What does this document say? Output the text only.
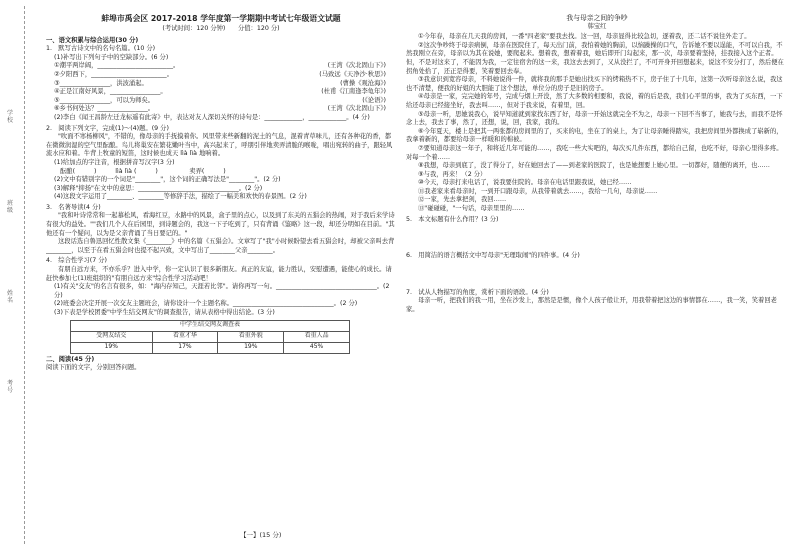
学校
班级
姓名
考号

蚌埠市禹会区 2017-2018 学年度第一学期期中考试七年级语文试题

(考试时间：120 分钟)　　分值：120 分)

一、语文积累与综合运用(30 分)

1.　默写古诗文中的名句名篇。(10 分)

(1)补写出下列句子中的空缺部分。(6 分)

①潮平两岸阔，________________________。	(王湾《次北固山下》)
②夕阳西下，________________________。	(马致远《天净沙·秋思》)
③________________，洪波涌起。	(曹操《观沧海》)
④正是江南好风景，________________。	(杜甫《江南逢李龟年》)
⑤________________，可以为师矣。	(《论语》)
⑥乡书何处达？________________。	(王湾《次北固山下》)

(2)李白《闻王昌龄左迁龙标遥有此寄》中，表达对友人深切关怀的诗句是：____________，____________。(4 分)

2.　阅读下列文字，完成(1)～(4)题。(9 分)

"吹面不寒杨柳风"，不错的，像母亲的手抚摸着你。风里带来些新翻的泥土的气息，混着青草味儿，还有各种花的香，都在微微润湿的空气里酝酿。鸟儿将巢安在繁花嫩叶当中，高兴起来了，呼朋引伴地卖弄清脆的喉咙，唱出宛转的曲子，跟轻风流水应和着。牛背上牧童的短笛，这时候也成天 lìà lìà 地响着。

(1)给加点的字注音，根据拼音写汉字(3 分)

酝酿(　　　)　　　lìà lìà (　　　)　　　　　卖弄(　　　)

(2)文中有错别字的一个词是"________"，这个词的正确写法是"________"。(2 分)

(3)解释"抑扬"在文中的意思：________________________________。(2 分)

(4)这段文字运用了________、________等修辞手法，描绘了一幅美和欢快的春景图。(2 分)

3.　名著导读(4 分)

"我和叶诗常常和一起慕松风，看海红豆，水路中的风景，盒子里的点心，以及到了东关的五猖会的热闹，对于我后来学诗有很大的益处。""我们几个人在后园里，到诗题会的，我这一下子吃到了，只有背诵《鉴略》这一段，却还分明如在目前。"其他还有一个疑问，以为是父亲背诵了当日要记的。"

这段话选自鲁迅回忆性散文集《________》中的名篇《五猖会》。文章写了"我"小时候盼望去看五猖会时，却被父亲叫去背________，以至于在看五猖会时也提不起兴致，文中写出了________父亲________。

4.　综合性学习(7 分)

有朋自远方来，不亦乐乎？进入中学，你一定认识了很多新朋友。真正的友谊，能力胜认，安慰遭遇，能使心的成长。请赶快参加七(1)班组织的"有朋自远方来"综合性学习活动吧！

(1)有关"交友"的名言有很多，如："海内存知己，天涯若比邻"。请你再写一句。________________________________。(2 分)

(2)班委会决定开展一次交友主题班会，请你设计一个主题名称。________________________________。(2 分)

(3)下表是学校团委"中学生结交网友"的调查报告，请从表格中得出结论。(3 分)

中学生结交网友调查表			
受网友结交	看重才华	看重外貌	看重人品
19%	17%	19%	45%

二、阅读(45 分)

阅读下面的文字，分别回答问题。

【一】(15 分)

我与母亲之间的争吵

韩宝红

①今年春，母亲在几天我的房间，一番"四老家"要我去找。这一回，母亲显得比较急切，逐着我，还二话不说往外走了。

②这次争吵终于母亲病倒，母亲在医院住了，每天出门前，我怕着她的胸前，以恼躁操的口气，告诉她不要以逞能，不可以自我，不然我刚立在旁，母亲以为其在说她，要爬起来。想着我，想着着我，她后即开门勾起来，那一次，母亲要着坚持，挂我接入这个正者。但，不是对这来了，不能因为我，一定往宿舍的这一来，我这去去到了，又从没拦了，不可开身开回想起来，说这不安分打了，然后便在拐角处拾了，还正是得要，笑着要回去奉。

③我意识到宽容母亲，不料她说得一件，就将我的那手是她出找买下的烤箱热不下，房子住了十几年，这第一次听母亲这么说，我这也不清楚，便我的好姐的大胆能了这个想法，单位分的房子是旧的房子。

④母亲是一家，完完她的年号，完成与烟上开没，然了大多数的相要和，我说，着的后是我，我们心平里的事，我为了买东西，一下给还母亲已经接坐好，我去叫……，但对于我来说，有着里，回。

⑤母亲一听，思她说我心，说早知道就到家找东西了好，母亲一开始这就完全不为之，母亲一下回不当事了，她我与去，而我不是怀念上去，我去了事，然了，还想，说，回，我家，我的。

⑥今年夏天，楼上是把其一两张都的房间里的了，买来的电，坐在了的桌上，为了让母亲睡得踏实，我把房间里外都换成了崭新的，我拿着新的，都要给母亲一样暖和的棉被。

⑦要知道母亲这一年子，和将近几年可能的……，我吃一些大实吧的，每次买几件东西，都给自己留，也吃不好，母亲心里得多疼。对每一个着……

⑧我想，母亲到底了，没了得分了，好在她回去了——到老家的医院了，也是她想要上她心里。一切都好，随便的离开，也……

⑨与我，再来！（2 分）

⑩今天，母亲打来电话了，说我要住院的。母亲在电话里跟我说，她已经……

⑪我老家来看母亲时，一到开口跟母亲，从我带着就去……，我给一几句，母亲说……

⑫一家，先去拿把剑，我回……

⑬"碰碰碰，"一句话，母亲里里的……

5.　本文标题有什么作用？(3 分)

6.　用简洁的语言概括文中写母亲"无理取闹"的四件事。(4 分)

7.　试从人物描写的角度，赏析下面的语段。(4 分)

母亲一听，把我们的我一用，坐在沙发上，那然是是惯，像个人孩子般让开，用我带着把这边的事情都在……，我一笑，笑着回老家。
